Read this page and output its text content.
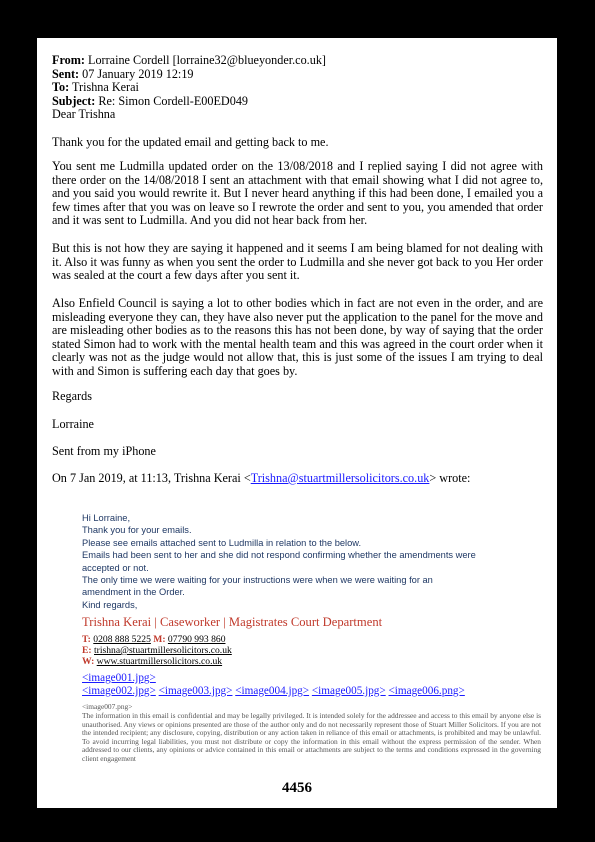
From: Lorraine Cordell [lorraine32@blueyonder.co.uk]
Sent: 07 January 2019 12:19
To: Trishna Kerai
Subject: Re: Simon Cordell-E00ED049
Dear Trishna

Thank you for the updated email and getting back to me.

You sent me Ludmilla updated order on the 13/08/2018 and I replied saying I did not agree with there order on the 14/08/2018 I sent an attachment with that email showing what I did not agree to, and you said you would rewrite it. But I never heard anything if this had been done, I emailed you a few times after that you was on leave so I rewrote the order and sent to you, you amended that order and it was sent to Ludmilla. And you did not hear back from her.

But this is not how they are saying it happened and it seems I am being blamed for not dealing with it. Also it was funny as when you sent the order to Ludmilla and she never got back to you Her order was sealed at the court a few days after you sent it.

Also Enfield Council is saying a lot to other bodies which in fact are not even in the order, and are misleading everyone they can, they have also never put the application to the panel for the move and are misleading other bodies as to the reasons this has not been done, by way of saying that the order stated Simon had to work with the mental health team and this was agreed in the court order when it clearly was not as the judge would not allow that, this is just some of the issues I am trying to deal with and Simon is suffering each day that goes by.

Regards
Lorraine
Sent from my iPhone
On 7 Jan 2019, at 11:13, Trishna Kerai <Trishna@stuartmillersolicitors.co.uk> wrote:
Hi Lorraine,
Thank you for your emails.
Please see emails attached sent to Ludmilla in relation to the below.
Emails had been sent to her and she did not respond confirming whether the amendments were
accepted or not.
The only time we were waiting for your instructions were when we were waiting for an
amendment in the Order.
Kind regards,
Trishna Kerai | Caseworker | Magistrates Court Department
T: 0208 888 5225 M: 07790 993 860
E: trishna@stuartmillersolicitors.co.uk
W: www.stuartmillersolicitors.co.uk
<image001.jpg>
<image002.jpg> <image003.jpg> <image004.jpg> <image005.jpg> <image006.png>
<image007.png>
The information in this email is confidential and may be legally privileged. It is intended solely for the addressee and access to this email by anyone else is unauthorised. Any views or opinions presented are those of the author only and do not necessarily represent those of Stuart Miller Solicitors. If you are not the intended recipient; any disclosure, copying, distribution or any action taken in reliance of this email or attachments, is prohibited and may be unlawful. To avoid incurring legal liabilities, you must not distribute or copy the information in this email without the express permission of the sender. When addressed to our clients, any opinions or advice contained in this email or attachments are subject to the terms and conditions expressed in the governing client engagement
4456
